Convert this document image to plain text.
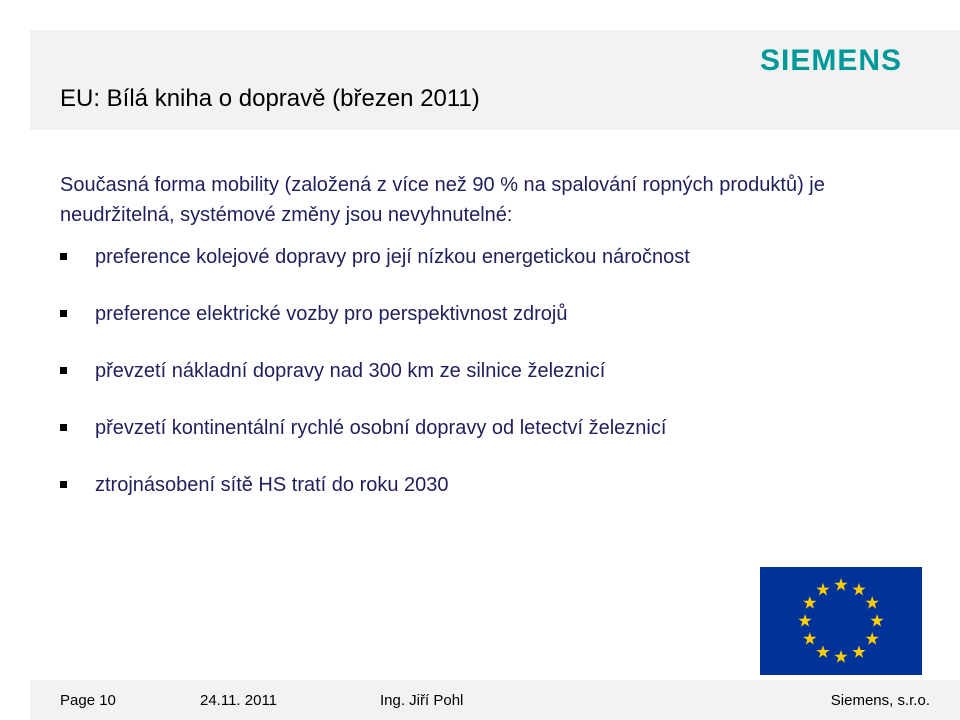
EU: Bílá kniha o dopravě (březen 2011)
SIEMENS

Současná forma mobility (založená z více než 90 % na spalování ropných produktů) je neudržitelná, systémové změny jsou nevyhnutelné:

preference kolejové dopravy pro její nízkou energetickou náročnost
preference elektrické vozby pro perspektivnost zdrojů
převzetí nákladní dopravy nad 300 km ze silnice železnicí
převzetí kontinentální rychlé osobní dopravy od letectví železnicí
ztrojnásobení sítě HS tratí do roku 2030
Page 10	24.11. 2011	Ing. Jiří Pohl	Siemens, s.r.o.
